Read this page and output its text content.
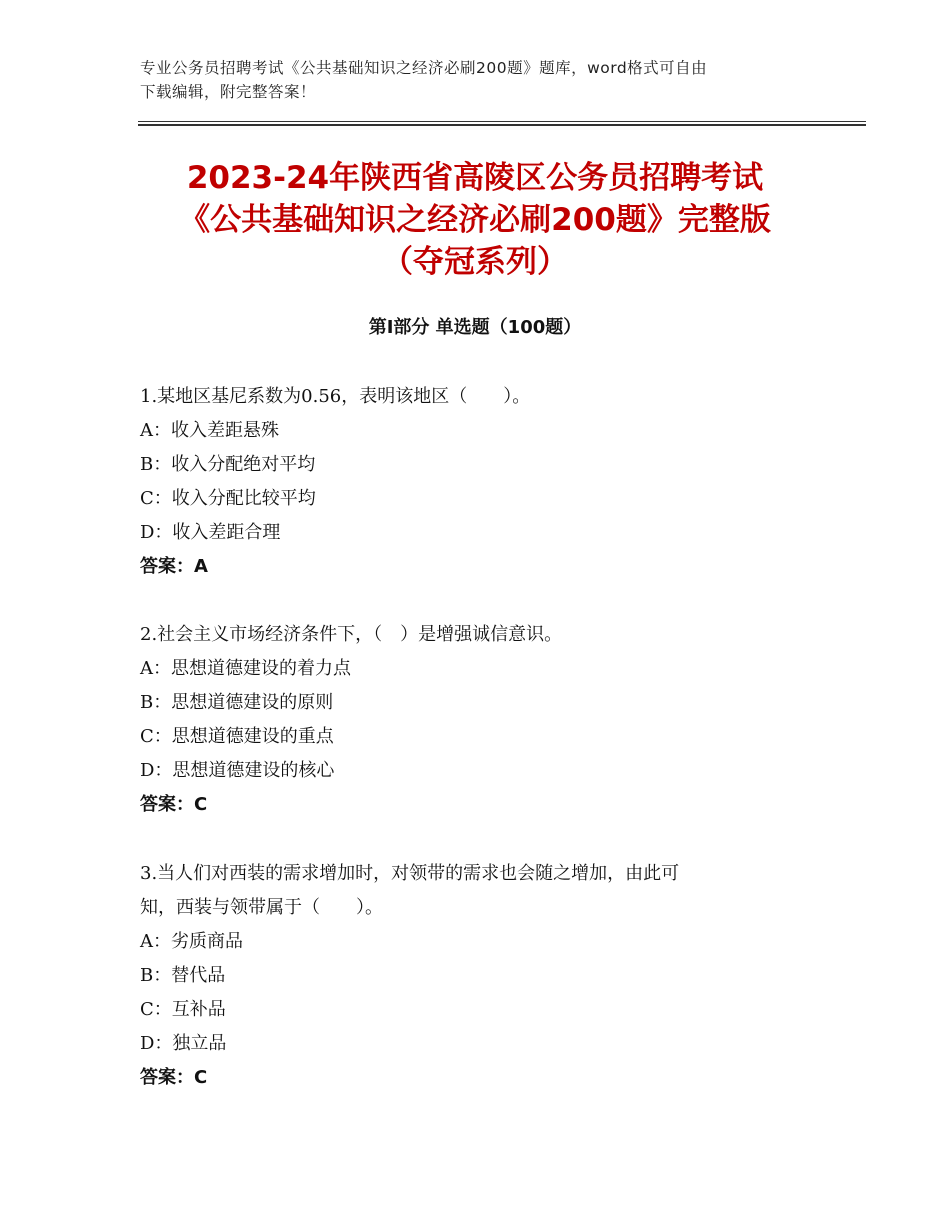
专业公务员招聘考试《公共基础知识之经济必刷200题》题库，word格式可自由
下载编辑，附完整答案！
2023-24年陕西省高陵区公务员招聘考试
《公共基础知识之经济必刷200题》完整版
（夺冠系列）
第Ⅰ部分 单选题（100题）
1.某地区基尼系数为0.56，表明该地区（　　）。
A：收入差距悬殊
B：收入分配绝对平均
C：收入分配比较平均
D：收入差距合理
答案：A
2.社会主义市场经济条件下，（　）是增强诚信意识。
A：思想道德建设的着力点
B：思想道德建设的原则
C：思想道德建设的重点
D：思想道德建设的核心
答案：C
3.当人们对西装的需求增加时，对领带的需求也会随之增加，由此可
知，西装与领带属于（　　）。
A：劣质商品
B：替代品
C：互补品
D：独立品
答案：C
